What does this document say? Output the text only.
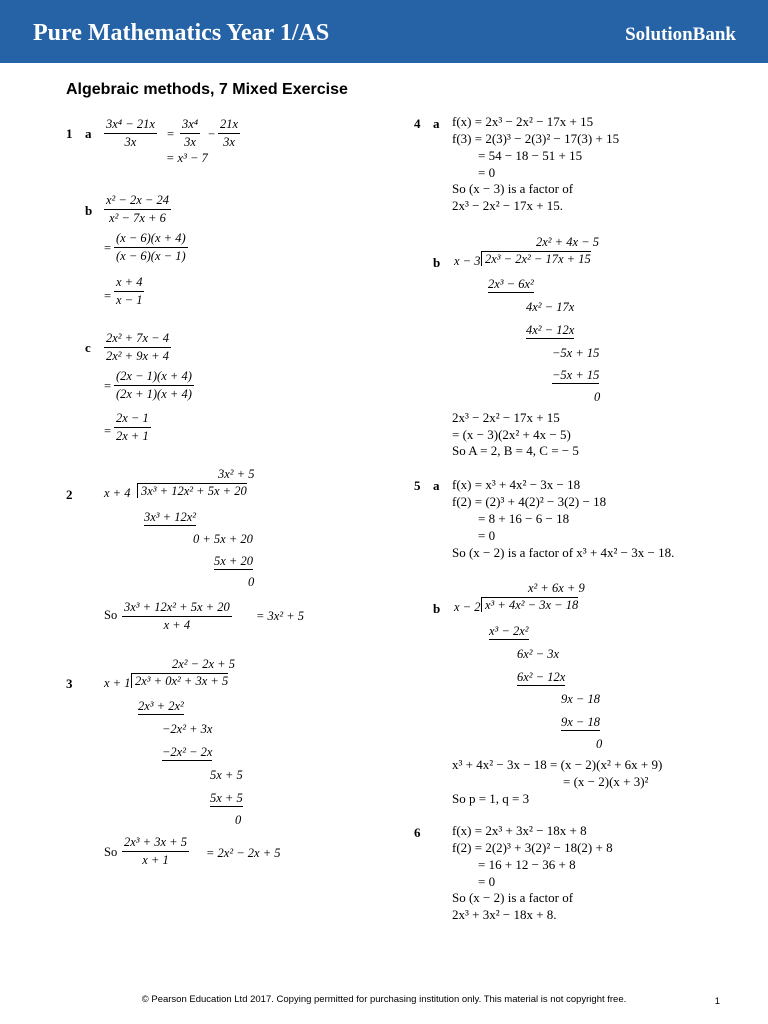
Pure Mathematics Year 1/AS	SolutionBank
Algebraic methods, 7 Mixed Exercise
1 a $\frac{\text{3x⁴ − 21x}}{3x} = \frac{\text{3x⁴}}{3x} - \frac{21x}{3x}$
= x³ − 7
b $\frac{\text{x² − 2x − 24}}{\text{x² − 7x + 6}}$
= $\frac{(x - 6)(x + 4)}{(x - 6)(x - 1)}$
= $\frac{x + 4}{x - 1}$
c $\frac{\text{2x² + 7x − 4}}{\text{2x² + 9x + 4}}$
= $\frac{(2x - 1)(x + 4)}{(2x + 1)(x + 4)}$
= $\frac{2x - 1}{2x + 1}$
2
3x² + 5
x + 4 3x³ + 12x² + 5x + 20
3x³ + 12x²
0 + 5x + 20
5x + 20
0
So $\frac{\text{3x³ + 12x² + 5x + 20}}{x + 4} = 3x^2 + 5$
3
2x² − 2x + 5
x + 1 2x³ + 0x² + 3x + 5
2x³ + 2x²
−2x² + 3x
−2x² − 2x
5x + 5
5x + 5
0
So $\frac{\text{2x³ + 3x + 5}}{x + 1} = 2x^2 - 2x + 5$
4 a f(x) = 2x³ − 2x² − 17x + 15
f(3) = 2(3)³ − 2(3)² − 17(3) + 15
= 54 − 18 − 51 + 15
= 0
So (x − 3) is a factor of
2x³ − 2x² − 17x + 15.
b
2x² + 4x − 5
x − 3 2x³ − 2x² − 17x + 15
2x³ − 6x²
4x² − 17x
4x² − 12x
−5x + 15
−5x + 15
0
2x³ − 2x² − 17x + 15
= (x − 3)(2x² + 4x − 5)
So A = 2, B = 4, C = − 5
5 a f(x) = x³ + 4x² − 3x − 18
f(2) = (2)³ + 4(2)² − 3(2) − 18
= 8 + 16 − 6 − 18
= 0
So (x − 2) is a factor of x³ + 4x² − 3x − 18.
b
x² + 6x + 9
x − 2 x³ + 4x² − 3x − 18
x³ − 2x²
6x² − 3x
6x² − 12x
9x − 18
9x − 18
0
x³ + 4x² − 3x − 18 = (x − 2)(x² + 6x + 9)
= (x − 2)(x + 3)²
So p = 1, q = 3
6 f(x) = 2x³ + 3x² − 18x + 8
f(2) = 2(2)³ + 3(2)² − 18(2) + 8
= 16 + 12 − 36 + 8
= 0
So (x − 2) is a factor of
2x³ + 3x² − 18x + 8.
© Pearson Education Ltd 2017. Copying permitted for purchasing institution only. This material is not copyright free.	1
